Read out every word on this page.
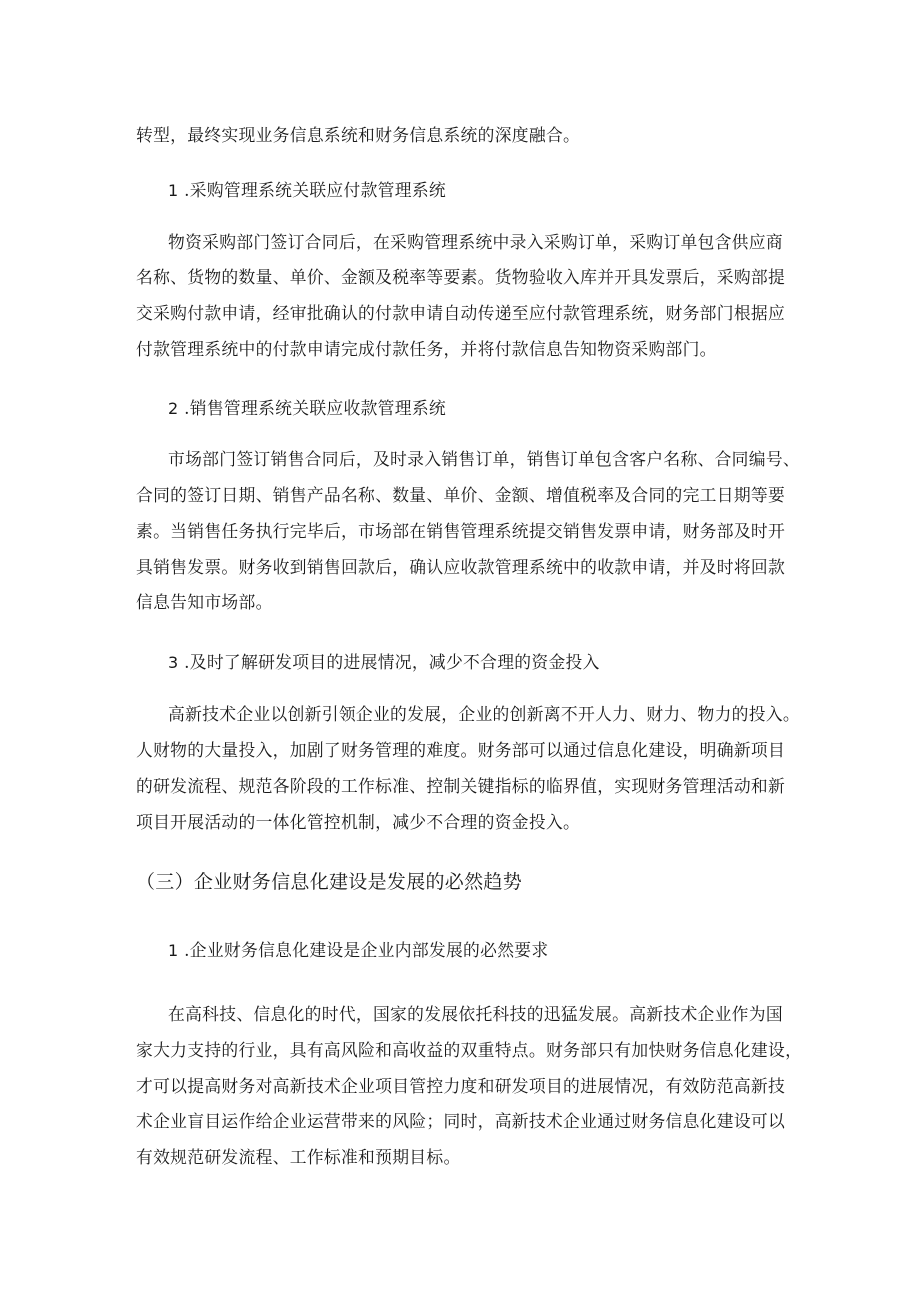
转型，最终实现业务信息系统和财务信息系统的深度融合。
1 .采购管理系统关联应付款管理系统
物资采购部门签订合同后，在采购管理系统中录入采购订单，采购订单包含供应商
名称、货物的数量、单价、金额及税率等要素。货物验收入库并开具发票后，采购部提
交采购付款申请，经审批确认的付款申请自动传递至应付款管理系统，财务部门根据应
付款管理系统中的付款申请完成付款任务，并将付款信息告知物资采购部门。
2 .销售管理系统关联应收款管理系统
市场部门签订销售合同后，及时录入销售订单，销售订单包含客户名称、合同编号、
合同的签订日期、销售产品名称、数量、单价、金额、增值税率及合同的完工日期等要
素。当销售任务执行完毕后，市场部在销售管理系统提交销售发票申请，财务部及时开
具销售发票。财务收到销售回款后，确认应收款管理系统中的收款申请，并及时将回款
信息告知市场部。
3 .及时了解研发项目的进展情况，减少不合理的资金投入
高新技术企业以创新引领企业的发展，企业的创新离不开人力、财力、物力的投入。
人财物的大量投入，加剧了财务管理的难度。财务部可以通过信息化建设，明确新项目
的研发流程、规范各阶段的工作标准、控制关键指标的临界值，实现财务管理活动和新
项目开展活动的一体化管控机制，减少不合理的资金投入。
（三）企业财务信息化建设是发展的必然趋势
1 .企业财务信息化建设是企业内部发展的必然要求
在高科技、信息化的时代，国家的发展依托科技的迅猛发展。高新技术企业作为国
家大力支持的行业，具有高风险和高收益的双重特点。财务部只有加快财务信息化建设，
才可以提高财务对高新技术企业项目管控力度和研发项目的进展情况，有效防范高新技
术企业盲目运作给企业运营带来的风险；同时，高新技术企业通过财务信息化建设可以
有效规范研发流程、工作标准和预期目标。
